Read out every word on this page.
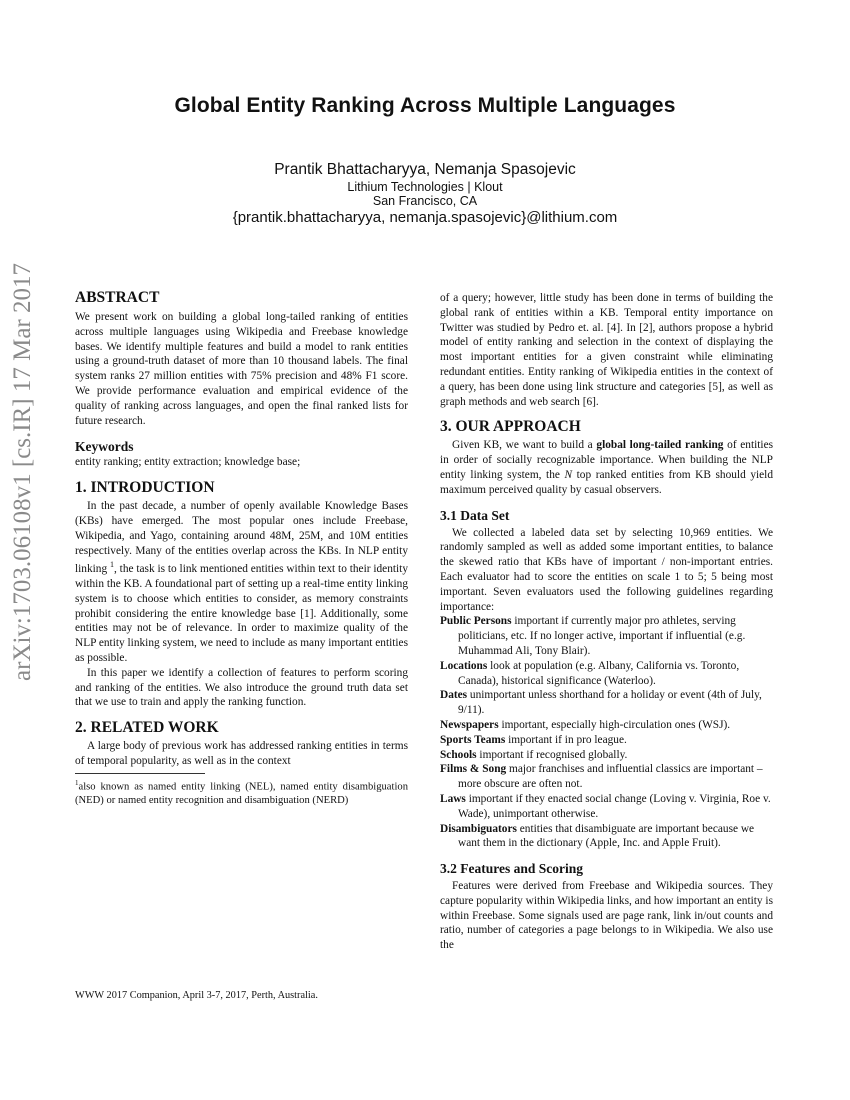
arXiv:1703.06108v1 [cs.IR] 17 Mar 2017
Global Entity Ranking Across Multiple Languages
Prantik Bhattacharyya, Nemanja Spasojevic
Lithium Technologies | Klout
San Francisco, CA
{prantik.bhattacharyya, nemanja.spasojevic}@lithium.com
ABSTRACT

We present work on building a global long-tailed ranking of entities across multiple languages using Wikipedia and Freebase knowledge bases. We identify multiple features and build a model to rank entities using a ground-truth dataset of more than 10 thousand labels. The final system ranks 27 million entities with 75% precision and 48% F1 score. We provide performance evaluation and empirical evidence of the quality of ranking across languages, and open the final ranked lists for future research.

Keywords

entity ranking; entity extraction; knowledge base;

1. INTRODUCTION

In the past decade, a number of openly available Knowledge Bases (KBs) have emerged. The most popular ones include Freebase, Wikipedia, and Yago, containing around 48M, 25M, and 10M entities respectively. Many of the entities overlap across the KBs. In NLP entity linking $^1$, the task is to link mentioned entities within text to their identity within the KB. A foundational part of setting up a real-time entity linking system is to choose which entities to consider, as memory constraints prohibit considering the entire knowledge base [1]. Additionally, some entities may not be of relevance. In order to maximize quality of the NLP entity linking system, we need to include as many important entities as possible.

In this paper we identify a collection of features to perform scoring and ranking of the entities. We also introduce the ground truth data set that we use to train and apply the ranking function.

2. RELATED WORK

A large body of previous work has addressed ranking entities in terms of temporal popularity, as well as in the context

$^1$also known as named entity linking (NEL), named entity disambiguation (NED) or named entity recognition and disambiguation (NERD)

of a query; however, little study has been done in terms of building the global rank of entities within a KB. Temporal entity importance on Twitter was studied by Pedro et. al. [4]. In [2], authors propose a hybrid model of entity ranking and selection in the context of displaying the most important entities for a given constraint while eliminating redundant entities. Entity ranking of Wikipedia entities in the context of a query, has been done using link structure and categories [5], as well as graph methods and web search [6].

3. OUR APPROACH

Given KB, we want to build a global long-tailed ranking of entities in order of socially recognizable importance. When building the NLP entity linking system, the N top ranked entities from KB should yield maximum perceived quality by casual observers.

3.1 Data Set

We collected a labeled data set by selecting 10,969 entities. We randomly sampled as well as added some important entities, to balance the skewed ratio that KBs have of important / non-important entries. Each evaluator had to score the entities on scale 1 to 5; 5 being most important. Seven evaluators used the following guidelines regarding importance:

Public Persons important if currently major pro athletes, serving politicians, etc. If no longer active, important if influential (e.g. Muhammad Ali, Tony Blair).

Locations look at population (e.g. Albany, California vs. Toronto, Canada), historical significance (Waterloo).

Dates unimportant unless shorthand for a holiday or event (4th of July, 9/11).

Newspapers important, especially high-circulation ones (WSJ).

Sports Teams important if in pro league.

Schools important if recognised globally.

Films & Song major franchises and influential classics are important – more obscure are often not.

Laws important if they enacted social change (Loving v. Virginia, Roe v. Wade), unimportant otherwise.

Disambiguators entities that disambiguate are important because we want them in the dictionary (Apple, Inc. and Apple Fruit).

3.2 Features and Scoring

Features were derived from Freebase and Wikipedia sources. They capture popularity within Wikipedia links, and how important an entity is within Freebase. Some signals used are page rank, link in/out counts and ratio, number of categories a page belongs to in Wikipedia. We also use the

WWW 2017 Companion, April 3-7, 2017, Perth, Australia.
